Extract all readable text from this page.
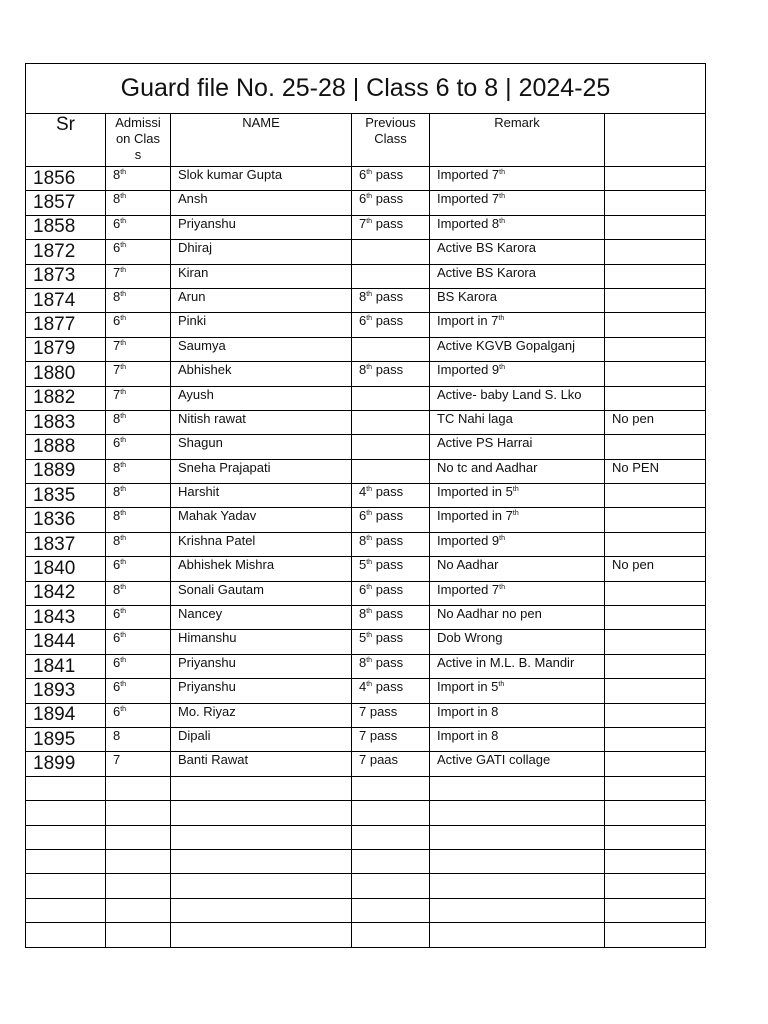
Guard file No. 25-28 | Class 6 to 8 | 2024-25					
Sr	Admission Class	NAME	Previous Class	Remark	
1856	8th	Slok kumar Gupta	6th pass	Imported 7th	
1857	8th	Ansh	6th pass	Imported 7th	
1858	6th	Priyanshu	7th pass	Imported 8th	
1872	6th	Dhiraj		Active BS Karora	
1873	7th	Kiran		Active BS Karora	
1874	8th	Arun	8th pass	BS Karora	
1877	6th	Pinki	6th pass	Import in 7th	
1879	7th	Saumya		Active KGVB Gopalganj	
1880	7th	Abhishek	8th pass	Imported 9th	
1882	7th	Ayush		Active- baby Land S. Lko	
1883	8th	Nitish rawat		TC Nahi laga	No pen
1888	6th	Shagun		Active PS Harrai	
1889	8th	Sneha Prajapati		No tc and Aadhar	No PEN
1835	8th	Harshit	4th pass	Imported in 5th	
1836	8th	Mahak Yadav	6th pass	Imported in 7th	
1837	8th	Krishna Patel	8th pass	Imported 9th	
1840	6th	Abhishek Mishra	5th pass	No Aadhar	No pen
1842	8th	Sonali Gautam	6th pass	Imported 7th	
1843	6th	Nancey	8th pass	No Aadhar no pen	
1844	6th	Himanshu	5th pass	Dob Wrong	
1841	6th	Priyanshu	8th pass	Active in M.L. B. Mandir	
1893	6th	Priyanshu	4th pass	Import in 5th	
1894	6th	Mo. Riyaz	7 pass	Import in 8	
1895	8	Dipali	7 pass	Import in 8	
1899	7	Banti Rawat	7 paas	Active GATI collage	
